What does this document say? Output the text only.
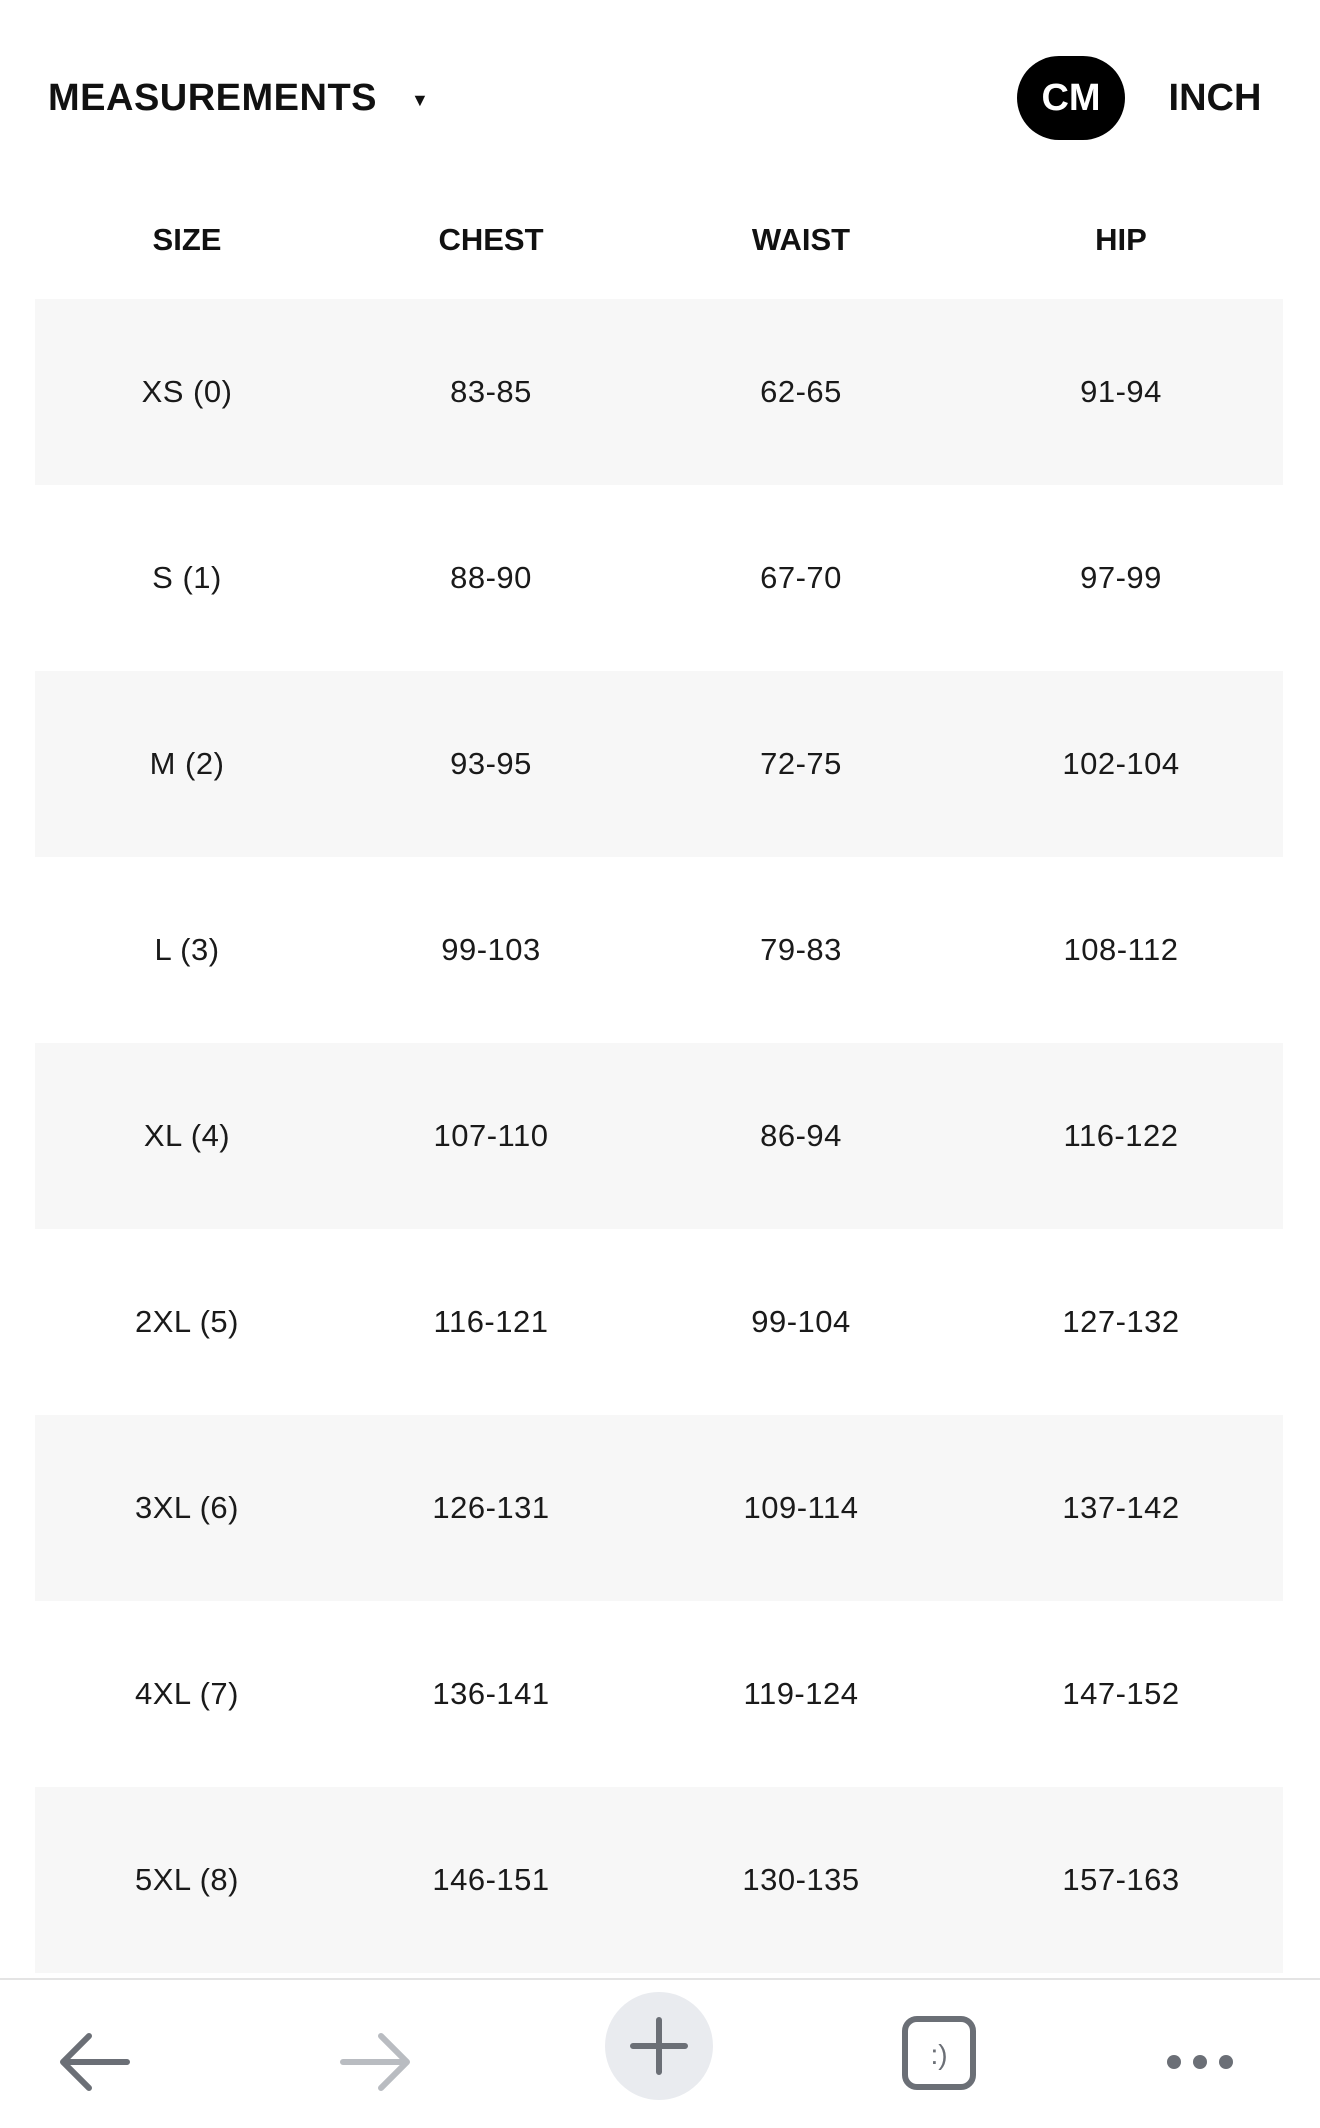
MEASUREMENTS ▼	CM	INCH
SIZE	CHEST	WAIST	HIP
XS (0)	83-85	62-65	91-94
S (1)	88-90	67-70	97-99
M (2)	93-95	72-75	102-104
L (3)	99-103	79-83	108-112
XL (4)	107-110	86-94	116-122
2XL (5)	116-121	99-104	127-132
3XL (6)	126-131	109-114	137-142
4XL (7)	136-141	119-124	147-152
5XL (8)	146-151	130-135	157-163
:)
